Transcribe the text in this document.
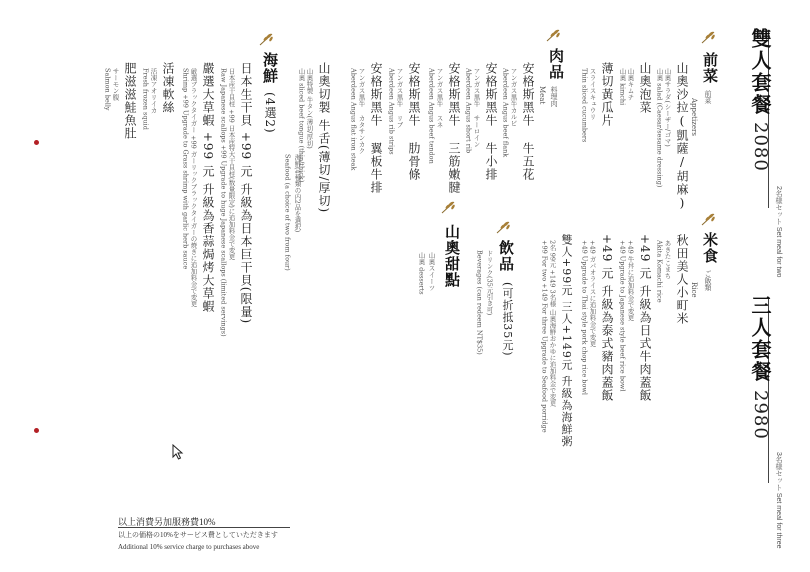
雙人套餐
2080
2名様セット Set meal for two
三人套餐
2980
3名様セット Set meal for three
前菜
前菜
Appetizers
山奧沙拉(凱薩/胡麻)
山奧サラダ(シーザー/ゴマ)
山奧 salad (Caesar/sesame dressing)
山奧泡菜
山奧キムチ
山奧 kimchi
薄切黃瓜片
スライスキュウリ
Thin sliced cucumbers
米食
ご飯類
Rice
秋田美人小町米
あきたこまち
Akita Komachi rice
+49 元 升級為日式牛肉蓋飯
+49 牛丼に追加料金で変更
+49 Upgrade to Japanese style beef rice bowl
+49 元 升級為泰式豬肉蓋飯
+49 ガパオライスに追加料金で変更
+49 Upgrade to Thai style pork chop rice bowl
雙人+99元 三人+149元 升級為海鮮粥
2名 99元 +149 3名様 山奧海鮮おかゆに追加料金で変更
+99 For two +149 For three Upgrade to Seafood porridge
肉品
料理肉
Meat
安格斯黑牛 牛五花
アンガス黒牛カルビ
Aberdeen Angus beef flank
安格斯黑牛 牛小排
アンガス黒牛 サーロイン
Aberdeen Angus short rib
安格斯黑牛 三筋嫩腱
アンガス黒牛 スネ
Aberdeen Angus beef tendon
安格斯黑牛 肋骨條
アンガス黒牛 リブ
Aberdeen Angus rib strips
安格斯黑牛 翼板牛排
アンガス黒牛 カタサンカク
Aberdeen Angus flat iron steak
山奧切製 牛舌(薄切/厚切)
山奧特製 牛タン(薄切/厚切)
山奧 sliced beef tongue (thin/thick)
飲品
(可折抵35元)
ドリンク(35元引き可)
Beverages (can redeem NT$35)
山奧甜點
山奧スイーツ
山奧 desserts
海鮮
(4選2)
海鮮(4種類の内2品を選択)
Seafood (a choice of two from four)
日本生干貝 +99 元 升級為日本巨干貝(限量)
日本産干貝柱 +99 日本産特大干貝柱(数量限定)に追加料金で変更
Raw Japanese scallops +99 Upgrade to huge Japanese scallops (limited servings)
嚴選大草蝦 +99 元 升級為香蒜焗烤大草蝦
厳選ブラックタイガー +99 ガーリックブラックタイガーの焼きに追加料金で変更
Shrimp +99 Upgrade to Grass shrimp with garlic herb sauce
活凍軟絲
活凍アオリイカ
Fresh frozen squid
肥滋滋鮭魚肚
サーモン腹
Salmon belly
以上消費另加服務費10%
以上の価格の10%をサービス費としていただきます
Additional 10% service charge to purchases above
